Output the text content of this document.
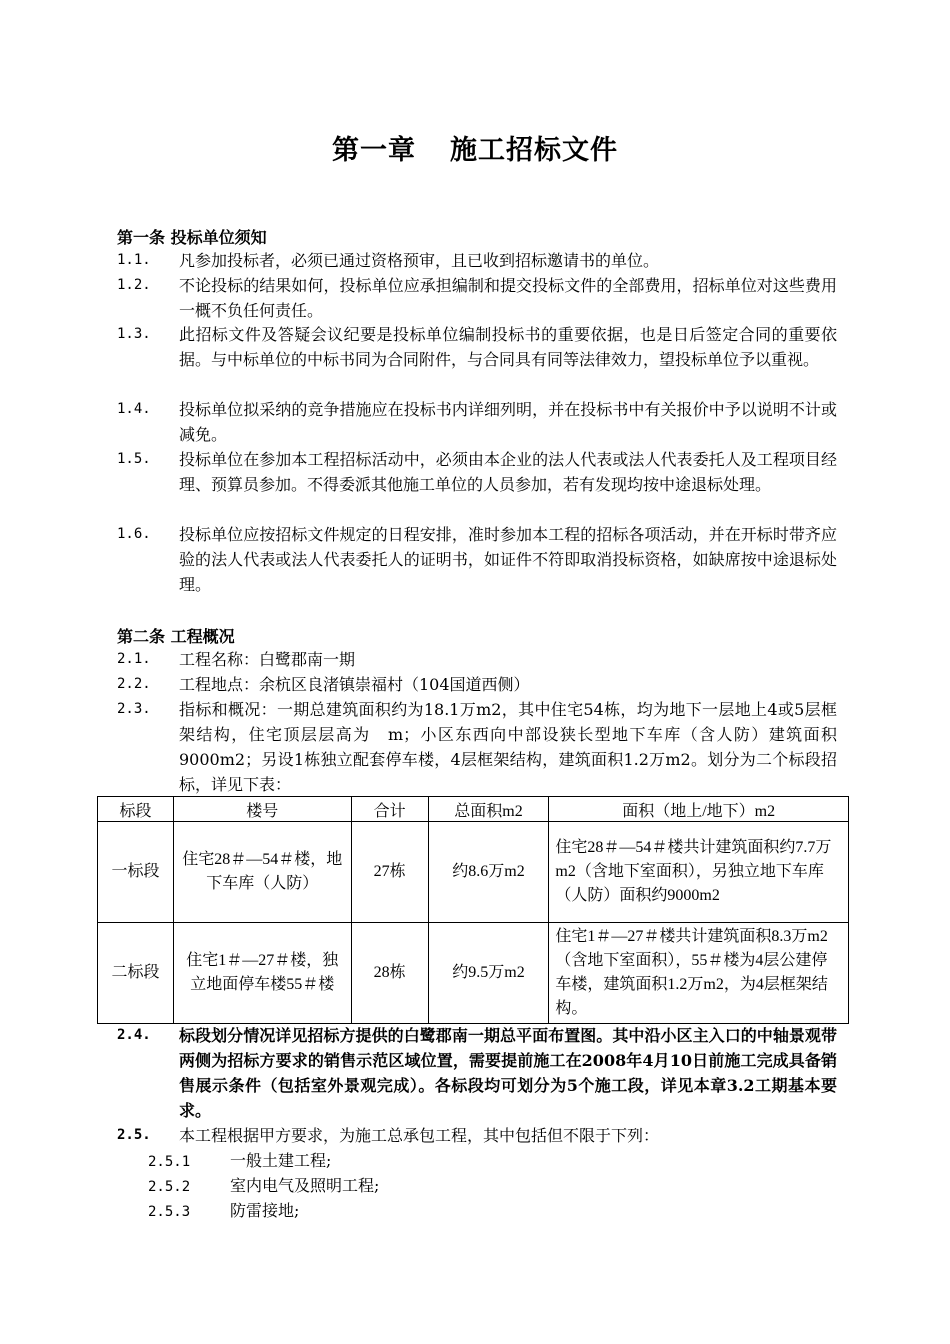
第一章 施工招标文件
第一条 投标单位须知
1.1.	凡参加投标者，必须已通过资格预审，且已收到招标邀请书的单位。
1.2.	不论投标的结果如何，投标单位应承担编制和提交投标文件的全部费用，招标单位对这些费用一概不负任何责任。
1.3.	此招标文件及答疑会议纪要是投标单位编制投标书的重要依据，也是日后签定合同的重要依据。与中标单位的中标书同为合同附件，与合同具有同等法律效力，望投标单位予以重视。
1.4.	投标单位拟采纳的竞争措施应在投标书内详细列明，并在投标书中有关报价中予以说明不计或减免。
1.5.	投标单位在参加本工程招标活动中，必须由本企业的法人代表或法人代表委托人及工程项目经理、预算员参加。不得委派其他施工单位的人员参加，若有发现均按中途退标处理。
1.6.	投标单位应按招标文件规定的日程安排，准时参加本工程的招标各项活动，并在开标时带齐应验的法人代表或法人代表委托人的证明书，如证件不符即取消投标资格，如缺席按中途退标处理。
第二条 工程概况
2.1.	工程名称：白鹭郡南一期
2.2.	工程地点：余杭区良渚镇崇福村（104国道西侧）
2.3.	指标和概况：一期总建筑面积约为18.1万m2，其中住宅54栋，均为地下一层地上4或5层框架结构，住宅顶层层高为　m；小区东西向中部设狭长型地下车库（含人防）建筑面积9000m2；另设1栋独立配套停车楼，4层框架结构，建筑面积1.2万m2。划分为二个标段招标，详见下表：
标段	楼号	合计	总面积m2	面积（地上/地下）m2
一标段	住宅28＃—54＃楼，地下车库（人防）	27栋	约8.6万m2	住宅28＃—54＃楼共计建筑面积约7.7万m2（含地下室面积），另独立地下车库（人防）面积约9000m2
二标段	住宅1＃—27＃楼，独立地面停车楼55＃楼	28栋	约9.5万m2	住宅1＃—27＃楼共计建筑面积8.3万m2（含地下室面积），55＃楼为4层公建停车楼，建筑面积1.2万m2，为4层框架结构。
2.4.	标段划分情况详见招标方提供的白鹭郡南一期总平面布置图。其中沿小区主入口的中轴景观带两侧为招标方要求的销售示范区域位置，需要提前施工在2008年4月10日前施工完成具备销售展示条件（包括室外景观完成）。各标段均可划分为5个施工段，详见本章3.2工期基本要求。
2.5.	本工程根据甲方要求，为施工总承包工程，其中包括但不限于下列：
2.5.1 一般土建工程;
2.5.2 室内电气及照明工程;
2.5.3 防雷接地;
